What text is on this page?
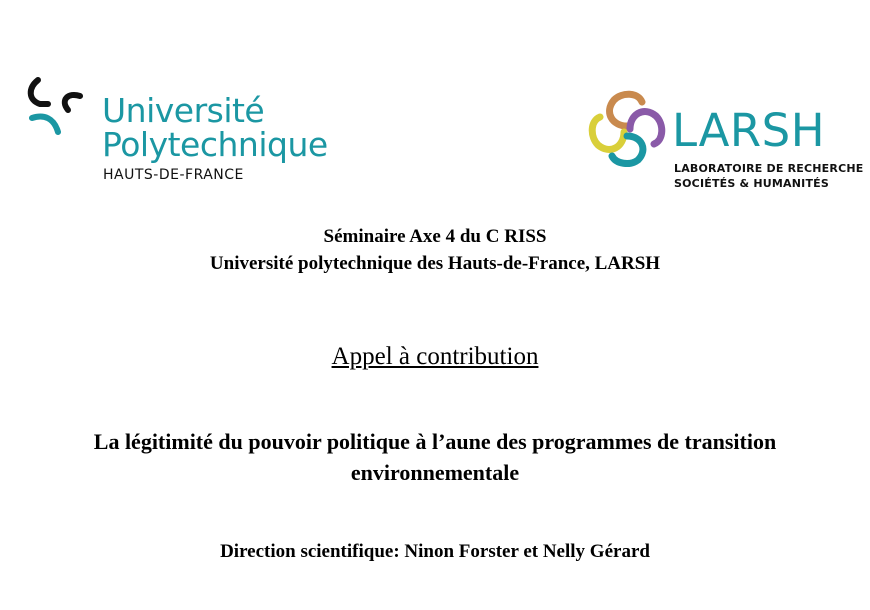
Université
Polytechnique
HAUTS-DE-FRANCE
LARSH
LABORATOIRE DE RECHERCHE
SOCIÉTÉS & HUMANITÉS
Séminaire Axe 4 du C RISS
Université polytechnique des Hauts-de-France, LARSH
Appel à contribution
La légitimité du pouvoir politique à l’aune des programmes de transition
environnementale
Direction scientifique: Ninon Forster et Nelly Gérard
